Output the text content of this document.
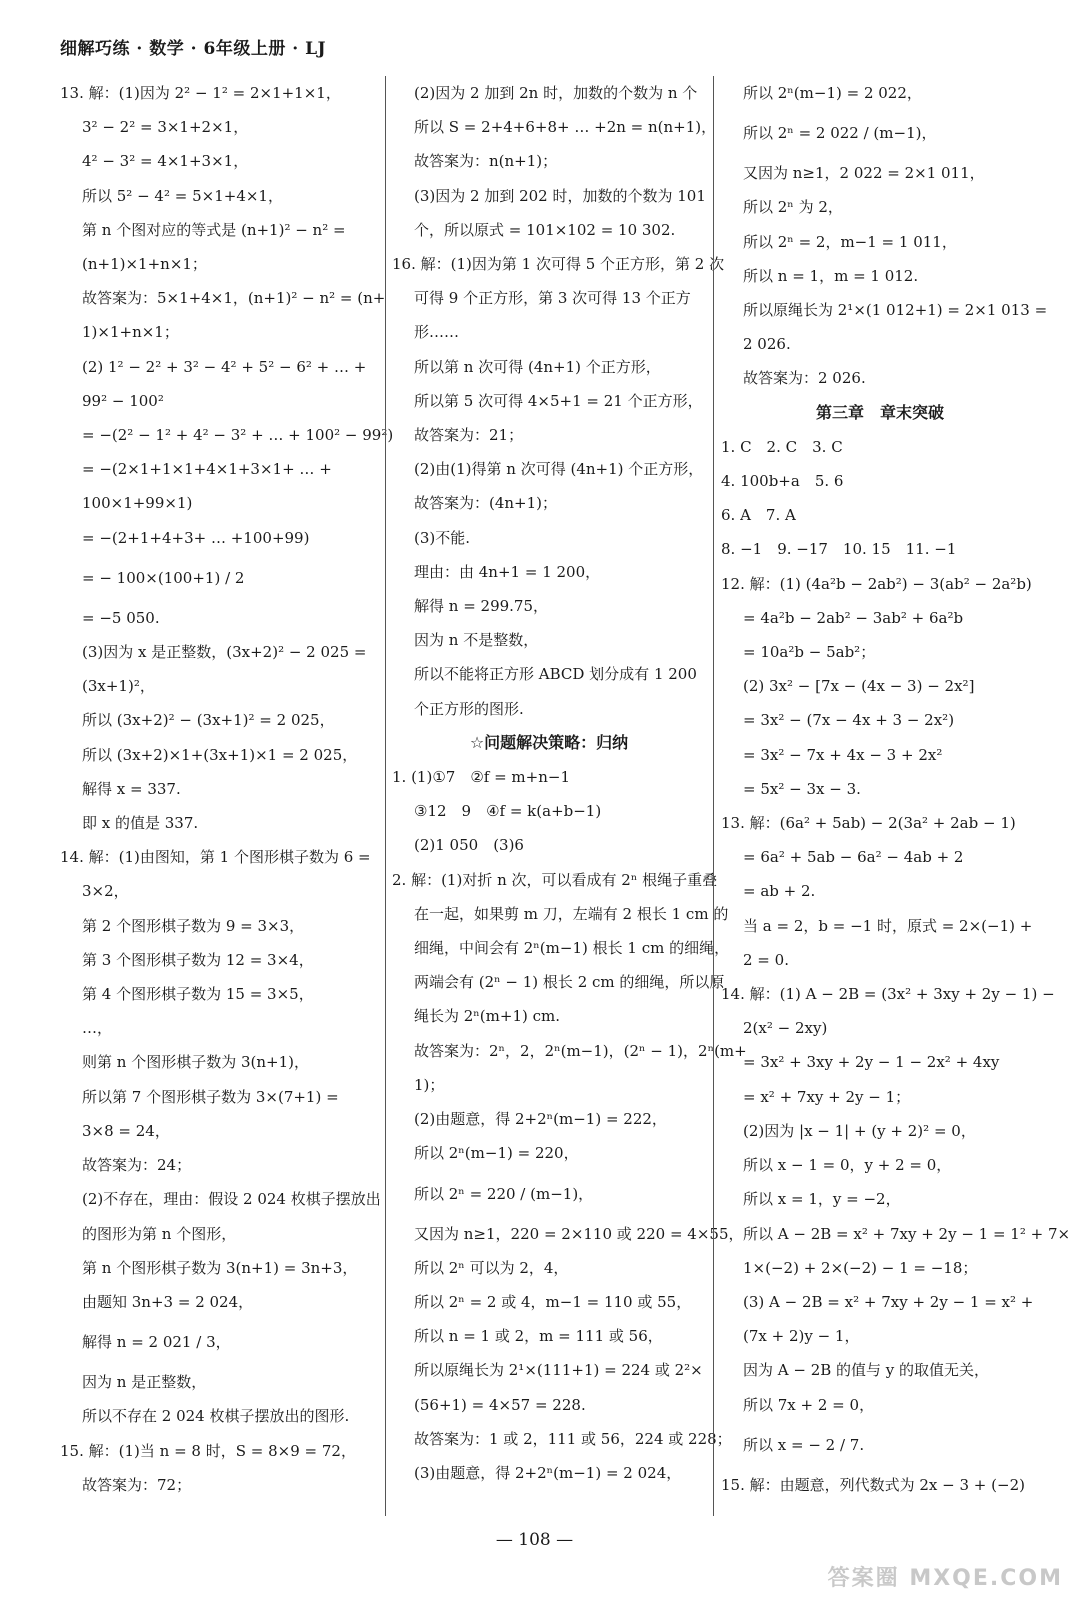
细解巧练 · 数学 · 6年级上册 · LJ
13. 解：(1)因为 2² − 1² = 2×1+1×1，
3² − 2² = 3×1+2×1，
4² − 3² = 4×1+3×1，
所以 5² − 4² = 5×1+4×1，
第 n 个图对应的等式是 (n+1)² − n² =
(n+1)×1+n×1；
故答案为：5×1+4×1，(n+1)² − n² = (n+
1)×1+n×1；
(2) 1² − 2² + 3² − 4² + 5² − 6² + … +
99² − 100²
= −(2² − 1² + 4² − 3² + … + 100² − 99²)
= −(2×1+1×1+4×1+3×1+ … +
100×1+99×1)
= −(2+1+4+3+ … +100+99)
= − 100×(100+1) / 2
= −5 050.
(3)因为 x 是正整数，(3x+2)² − 2 025 =
(3x+1)²，
所以 (3x+2)² − (3x+1)² = 2 025，
所以 (3x+2)×1+(3x+1)×1 = 2 025，
解得 x = 337.
即 x 的值是 337.
14. 解：(1)由图知，第 1 个图形棋子数为 6 =
3×2，
第 2 个图形棋子数为 9 = 3×3，
第 3 个图形棋子数为 12 = 3×4，
第 4 个图形棋子数为 15 = 3×5，
…，
则第 n 个图形棋子数为 3(n+1)，
所以第 7 个图形棋子数为 3×(7+1) =
3×8 = 24，
故答案为：24；
(2)不存在，理由：假设 2 024 枚棋子摆放出
的图形为第 n 个图形，
第 n 个图形棋子数为 3(n+1) = 3n+3，
由题知 3n+3 = 2 024，
解得 n = 2 021 / 3，
因为 n 是正整数，
所以不存在 2 024 枚棋子摆放出的图形.
15. 解：(1)当 n = 8 时，S = 8×9 = 72，
故答案为：72；
(2)因为 2 加到 2n 时，加数的个数为 n 个
所以 S = 2+4+6+8+ … +2n = n(n+1)，
故答案为：n(n+1)；
(3)因为 2 加到 202 时，加数的个数为 101
个，所以原式 = 101×102 = 10 302.
16. 解：(1)因为第 1 次可得 5 个正方形，第 2 次
可得 9 个正方形，第 3 次可得 13 个正方
形……
所以第 n 次可得 (4n+1) 个正方形，
所以第 5 次可得 4×5+1 = 21 个正方形，
故答案为：21；
(2)由(1)得第 n 次可得 (4n+1) 个正方形，
故答案为：(4n+1)；
(3)不能.
理由：由 4n+1 = 1 200，
解得 n = 299.75，
因为 n 不是整数，
所以不能将正方形 ABCD 划分成有 1 200
个正方形的图形.
☆问题解决策略：归纳
1. (1)①7　②f = m+n−1
③12　9　④f = k(a+b−1)
(2)1 050　(3)6
2. 解：(1)对折 n 次，可以看成有 2ⁿ 根绳子重叠
在一起，如果剪 m 刀，左端有 2 根长 1 cm 的
细绳，中间会有 2ⁿ(m−1) 根长 1 cm 的细绳，
两端会有 (2ⁿ − 1) 根长 2 cm 的细绳，所以原
绳长为 2ⁿ(m+1) cm.
故答案为：2ⁿ，2，2ⁿ(m−1)，(2ⁿ − 1)，2ⁿ(m+
1)；
(2)由题意，得 2+2ⁿ(m−1) = 222，
所以 2ⁿ(m−1) = 220，
所以 2ⁿ = 220 / (m−1)，
又因为 n≥1，220 = 2×110 或 220 = 4×55，
所以 2ⁿ 可以为 2，4，
所以 2ⁿ = 2 或 4，m−1 = 110 或 55，
所以 n = 1 或 2，m = 111 或 56，
所以原绳长为 2¹×(111+1) = 224 或 2²×
(56+1) = 4×57 = 228.
故答案为：1 或 2，111 或 56，224 或 228；
(3)由题意，得 2+2ⁿ(m−1) = 2 024，
所以 2ⁿ(m−1) = 2 022，
所以 2ⁿ = 2 022 / (m−1)，
又因为 n≥1，2 022 = 2×1 011，
所以 2ⁿ 为 2，
所以 2ⁿ = 2，m−1 = 1 011，
所以 n = 1，m = 1 012.
所以原绳长为 2¹×(1 012+1) = 2×1 013 =
2 026.
故答案为：2 026.
第三章　章末突破
1. C　2. C　3. C
4. 100b+a　5. 6
6. A　7. A
8. −1　9. −17　10. 15　11. −1
12. 解：(1) (4a²b − 2ab²) − 3(ab² − 2a²b)
= 4a²b − 2ab² − 3ab² + 6a²b
= 10a²b − 5ab²；
(2) 3x² − [7x − (4x − 3) − 2x²]
= 3x² − (7x − 4x + 3 − 2x²)
= 3x² − 7x + 4x − 3 + 2x²
= 5x² − 3x − 3.
13. 解：(6a² + 5ab) − 2(3a² + 2ab − 1)
= 6a² + 5ab − 6a² − 4ab + 2
= ab + 2.
当 a = 2，b = −1 时，原式 = 2×(−1) +
2 = 0.
14. 解：(1) A − 2B = (3x² + 3xy + 2y − 1) −
2(x² − 2xy)
= 3x² + 3xy + 2y − 1 − 2x² + 4xy
= x² + 7xy + 2y − 1；
(2)因为 |x − 1| + (y + 2)² = 0，
所以 x − 1 = 0，y + 2 = 0，
所以 x = 1，y = −2，
所以 A − 2B = x² + 7xy + 2y − 1 = 1² + 7×
1×(−2) + 2×(−2) − 1 = −18；
(3) A − 2B = x² + 7xy + 2y − 1 = x² +
(7x + 2)y − 1，
因为 A − 2B 的值与 y 的取值无关，
所以 7x + 2 = 0，
所以 x = − 2 / 7.
15. 解：由题意，列代数式为 2x − 3 + (−2)
— 108 —
答案圈 MXQE.COM
